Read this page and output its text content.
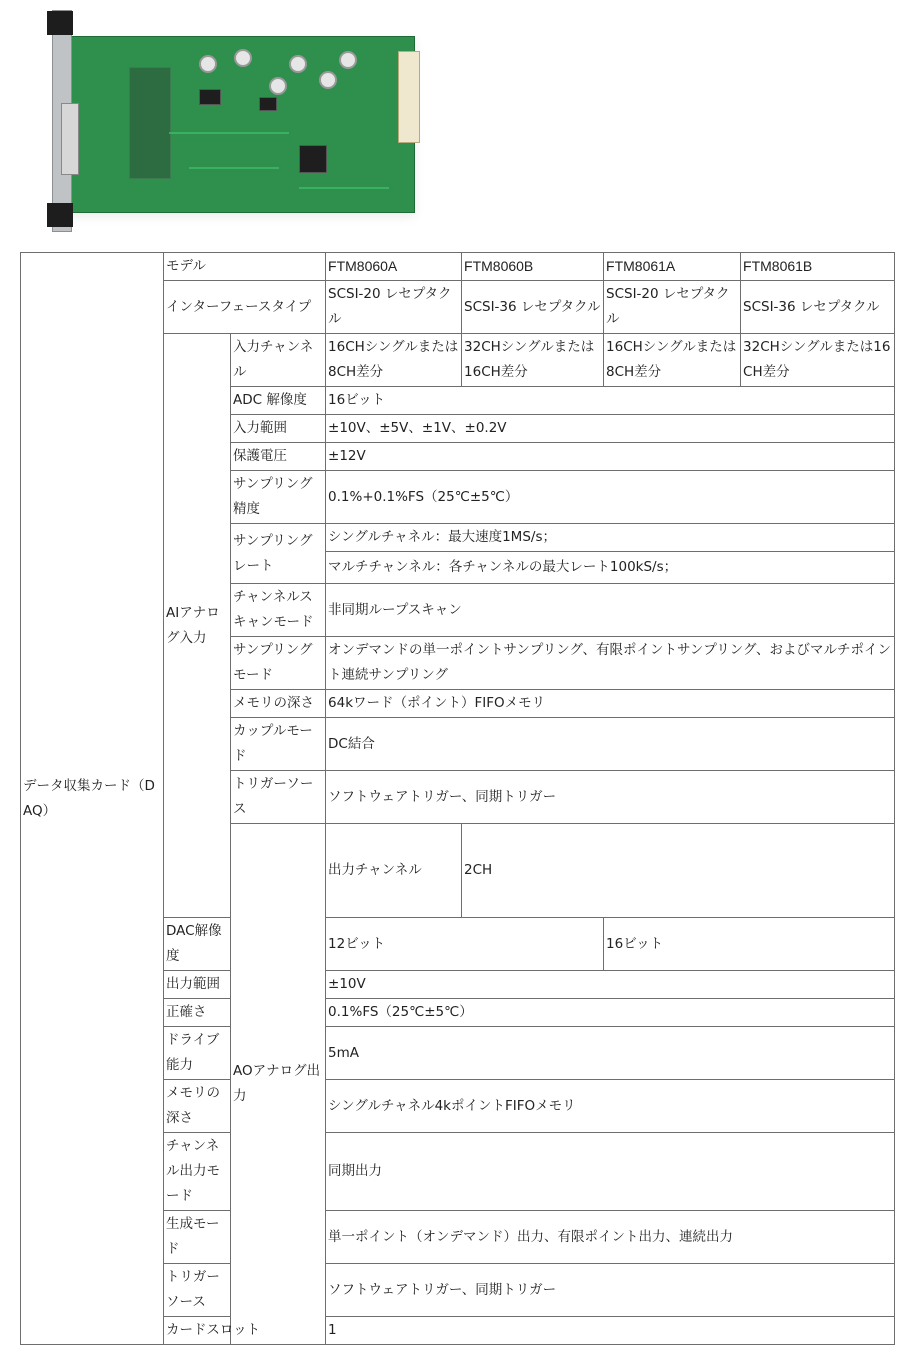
データ収集カード（DAQ）	モデル		FTM8060A	FTM8060B	FTM8061A	FTM8061B
	インターフェースタイプ		SCSI-20 レセプタクル	SCSI-36 レセプタクル	SCSI-20 レセプタクル	SCSI-36 レセプタクル
	AIアナログ入力	入力チャンネル	16CHシングルまたは8CH差分	32CHシングルまたは16CH差分	16CHシングルまたは8CH差分	32CHシングルまたは16CH差分
		ADC 解像度	16ビット			
		入力範囲	±10V、±5V、±1V、±0.2V			
		保護電圧	±12V			
		サンプリング精度	0.1%+0.1%FS（25℃±5℃）			
		サンプリングレート	シングルチャネル：最大速度1MS/s；			
			マルチチャンネル：各チャンネルの最大レート100kS/s；			
		チャンネルスキャンモード	非同期ループスキャン			
		サンプリングモード	オンデマンドの単一ポイントサンプリング、有限ポイントサンプリング、およびマルチポイント連続サンプリング			
		メモリの深さ	64kワード（ポイント）FIFOメモリ			
		カップルモード	DC結合			
		トリガーソース	ソフトウェアトリガー、同期トリガー			
		AOアナログ出力	出力チャンネル	2CH		
	DAC解像度		12ビット		16ビット	
	出力範囲		±10V			
	正確さ		0.1%FS（25℃±5℃）			
	ドライブ能力		5mA			
	メモリの深さ		シングルチャネル4kポイントFIFOメモリ			
	チャンネル出力モード		同期出力			
	生成モード		単一ポイント（オンデマンド）出力、有限ポイント出力、連続出力			
	トリガーソース		ソフトウェアトリガー、同期トリガー			
	カードスロット		1			
